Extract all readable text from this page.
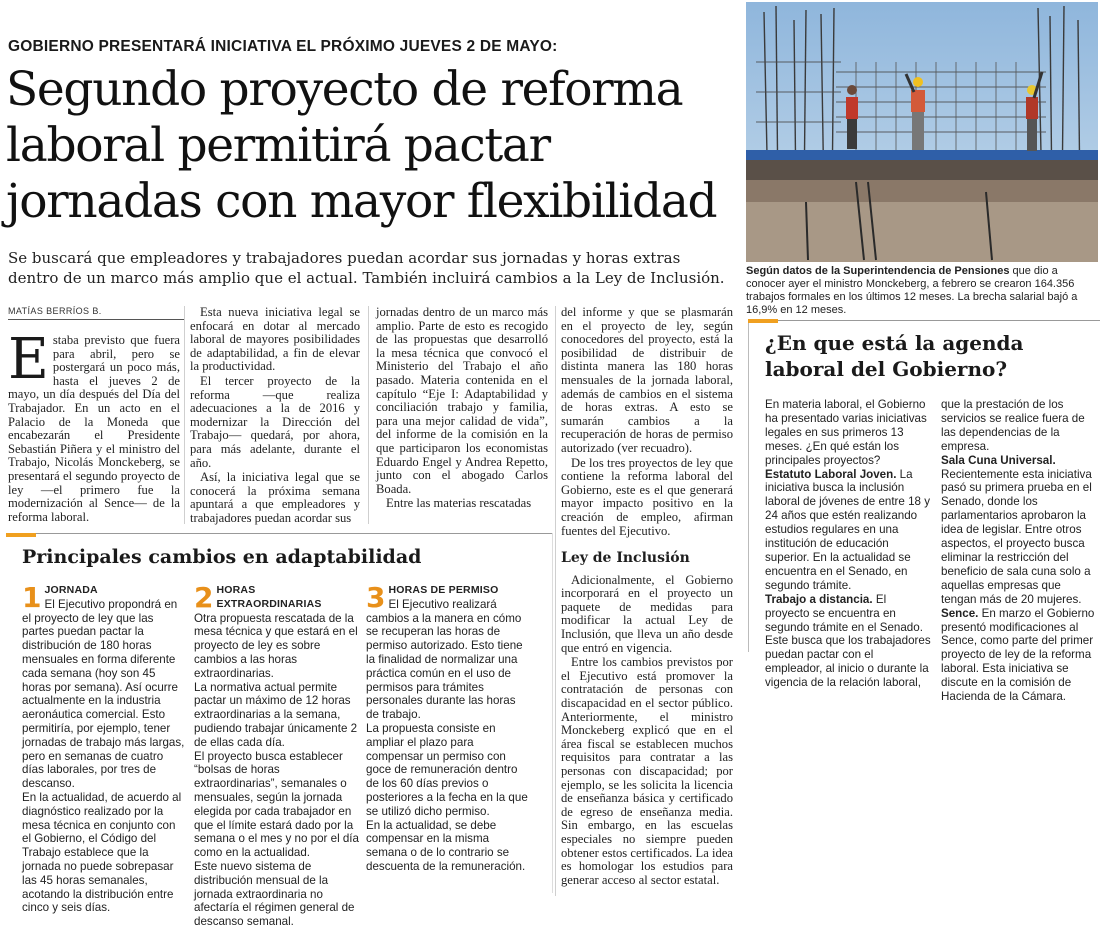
GOBIERNO PRESENTARÁ INICIATIVA EL PRÓXIMO JUEVES 2 DE MAYO:
Segundo proyecto de reforma
laboral permitirá pactar
jornadas con mayor flexibilidad
Se buscará que empleadores y trabajadores puedan acordar sus jornadas y horas extras dentro de un marco más amplio que el actual. También incluirá cambios a la Ley de Inclusión.
MATÍAS BERRÍOS B.
E staba previsto que fuera para abril, pero se postergará un poco más, hasta el jueves 2 de mayo, un día después del Día del Trabajador. En un acto en el Palacio de la Moneda que encabezarán el Presidente Sebastián Piñera y el ministro del Trabajo, Nicolás Monckeberg, se presentará el segundo proyecto de ley —el primero fue la modernización al Sence— de la reforma laboral.

Esta nueva iniciativa legal se enfocará en dotar al mercado laboral de mayores posibilidades de adaptabilidad, a fin de elevar la productividad.

El tercer proyecto de la reforma —que realiza adecuaciones a la de 2016 y modernizar la Dirección del Trabajo— quedará, por ahora, para más adelante, durante el año.

Así, la iniciativa legal que se conocerá la próxima semana apuntará a que empleadores y trabajadores puedan acordar sus

jornadas dentro de un marco más amplio. Parte de esto es recogido de las propuestas que desarrolló la mesa técnica que convocó el Ministerio del Trabajo el año pasado. Materia contenida en el capítulo “Eje I: Adaptabilidad y conciliación trabajo y familia, para una mejor calidad de vida”, del informe de la comisión en la que participaron los economistas Eduardo Engel y Andrea Repetto, junto con el abogado Carlos Boada.

Entre las materias rescatadas

del informe y que se plasmarán en el proyecto de ley, según conocedores del proyecto, está la posibilidad de distribuir de distinta manera las 180 horas mensuales de la jornada laboral, además de cambios en el sistema de horas extras. A esto se sumarán cambios a la recuperación de horas de permiso autorizado (ver recuadro).

De los tres proyectos de ley que contiene la reforma laboral del Gobierno, este es el que generará mayor impacto positivo en la creación de empleo, afirman fuentes del Ejecutivo.

Ley de Inclusión

Adicionalmente, el Gobierno incorporará en el proyecto un paquete de medidas para modificar la actual Ley de Inclusión, que lleva un año desde que entró en vigencia.

Entre los cambios previstos por el Ejecutivo está promover la contratación de personas con discapacidad en el sector público. Anteriormente, el ministro Monckeberg explicó que en el área fiscal se establecen muchos requisitos para contratar a las personas con discapacidad; por ejemplo, se les solicita la licencia de enseñanza básica y certificado de egreso de enseñanza media. Sin embargo, en las escuelas especiales no siempre pueden obtener estos certificados. La idea es homologar los estudios para generar acceso al sector estatal.

Según datos de la Superintendencia de Pensiones que dio a conocer ayer el ministro Monckeberg, a febrero se crearon 164.356 trabajos formales en los últimos 12 meses. La brecha salarial bajó a 16,9% en 12 meses.
¿En que está la agenda laboral del Gobierno?
En materia laboral, el Gobierno ha presentado varias iniciativas legales en sus primeros 13 meses. ¿En qué están los principales proyectos?
Estatuto Laboral Joven. La iniciativa busca la inclusión laboral de jóvenes de entre 18 y 24 años que estén realizando estudios regulares en una institución de educación superior. En la actualidad se encuentra en el Senado, en segundo trámite.
Trabajo a distancia. El proyecto se encuentra en segundo trámite en el Senado. Este busca que los trabajadores puedan pactar con el empleador, al inicio o durante la vigencia de la relación laboral,
que la prestación de los servicios se realice fuera de las dependencias de la empresa.
Sala Cuna Universal. Recientemente esta iniciativa pasó su primera prueba en el Senado, donde los parlamentarios aprobaron la idea de legislar. Entre otros aspectos, el proyecto busca eliminar la restricción del beneficio de sala cuna solo a aquellas empresas que tengan más de 20 mujeres.
Sence. En marzo el Gobierno presentó modificaciones al Sence, como parte del primer proyecto de ley de la reforma laboral. Esta iniciativa se discute en la comisión de Hacienda de la Cámara.
Principales cambios en adaptabilidad
1 JORNADA
El Ejecutivo propondrá en el proyecto de ley que las partes puedan pactar la distribución de 180 horas mensuales en forma diferente cada semana (hoy son 45 horas por semana). Así ocurre actualmente en la industria aeronáutica comercial. Esto permitiría, por ejemplo, tener jornadas de trabajo más largas, pero en semanas de cuatro días laborales, por tres de descanso.
En la actualidad, de acuerdo al diagnóstico realizado por la mesa técnica en conjunto con el Gobierno, el Código del Trabajo establece que la jornada no puede sobrepasar las 45 horas semanales, acotando la distribución entre cinco y seis días.
2 HORAS EXTRAORDINARIAS
Otra propuesta rescatada de la mesa técnica y que estará en el proyecto de ley es sobre cambios a las horas extraordinarias.
La normativa actual permite pactar un máximo de 12 horas extraordinarias a la semana, pudiendo trabajar únicamente 2 de ellas cada día.
El proyecto busca establecer “bolsas de horas extraordinarias”, semanales o mensuales, según la jornada elegida por cada trabajador en que el límite estará dado por la semana o el mes y no por el día como en la actualidad.
Este nuevo sistema de distribución mensual de la jornada extraordinaria no afectaría el régimen general de descanso semanal.
3 HORAS DE PERMISO
El Ejecutivo realizará cambios a la manera en cómo se recuperan las horas de permiso autorizado. Esto tiene la finalidad de normalizar una práctica común en el uso de permisos para trámites personales durante las horas de trabajo.
La propuesta consiste en ampliar el plazo para compensar un permiso con goce de remuneración dentro de los 60 días previos o posteriores a la fecha en la que se utilizó dicho permiso.
En la actualidad, se debe compensar en la misma semana o de lo contrario se descuenta de la remuneración.
